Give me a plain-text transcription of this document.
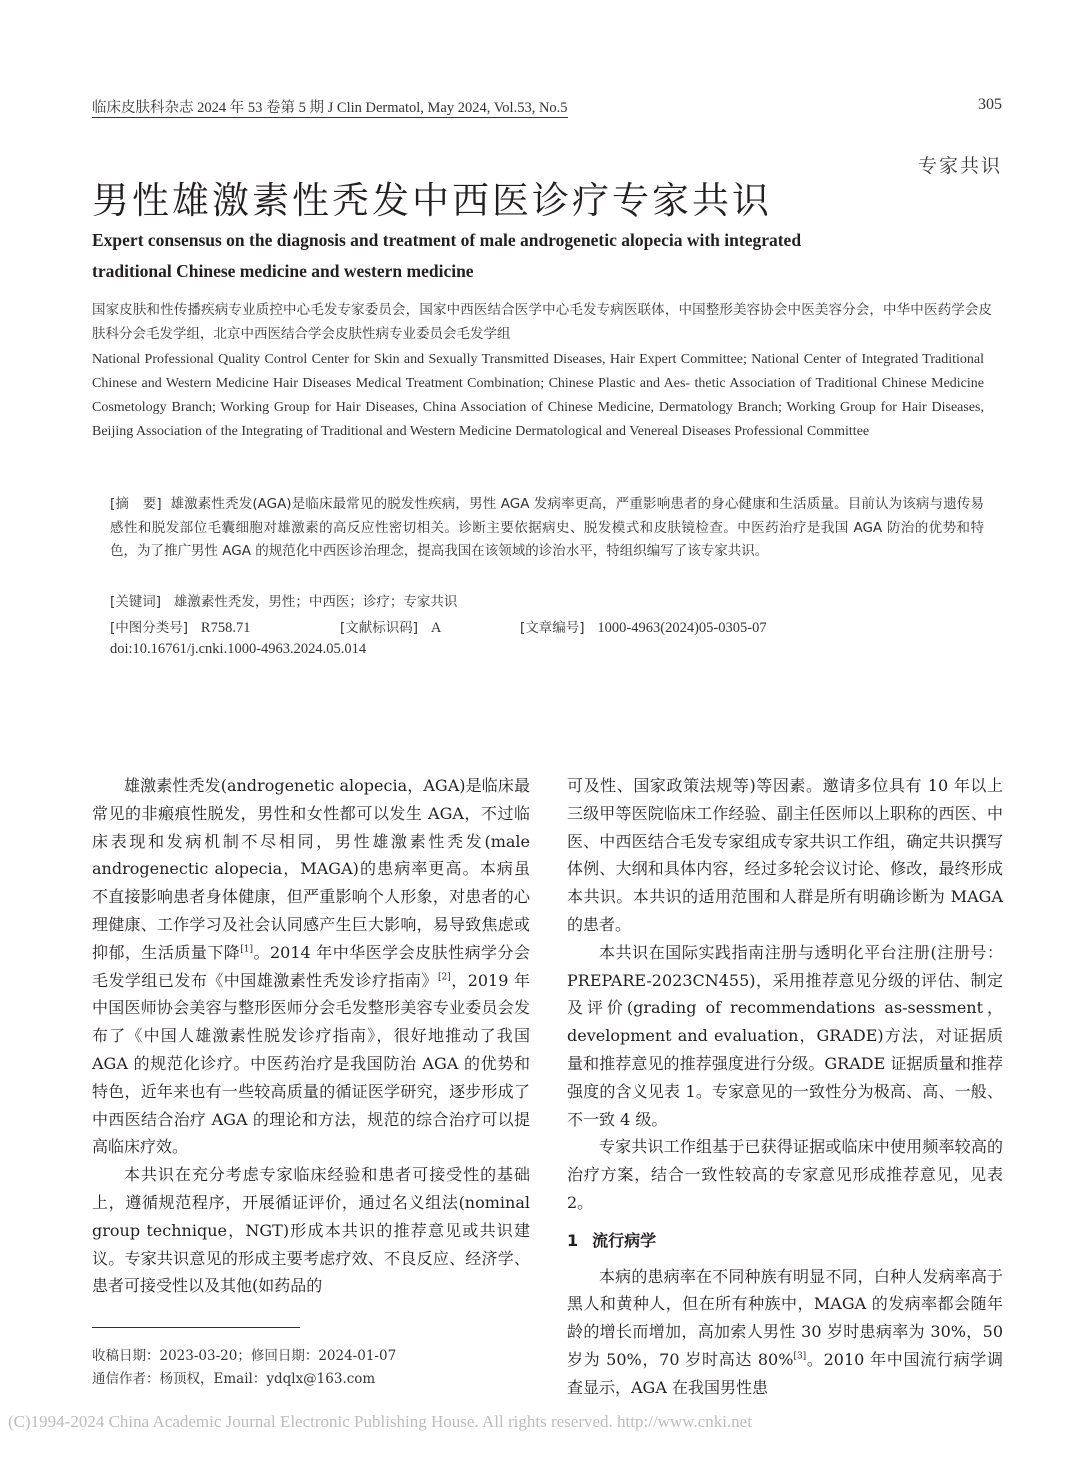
临床皮肤科杂志 2024 年 53 卷第 5 期 J Clin Dermatol, May 2024, Vol.53, No.5	305
专家共识
男性雄激素性秃发中西医诊疗专家共识
Expert consensus on the diagnosis and treatment of male androgenetic alopecia with integrated traditional Chinese medicine and western medicine
国家皮肤和性传播疾病专业质控中心毛发专家委员会，国家中西医结合医学中心毛发专病医联体，中国整形美容协会中医美容分会，中华中医药学会皮肤科分会毛发学组，北京中西医结合学会皮肤性病专业委员会毛发学组
National Professional Quality Control Center for Skin and Sexually Transmitted Diseases, Hair Expert Committee; National Center of Integrated Traditional Chinese and Western Medicine Hair Diseases Medical Treatment Combination; Chinese Plastic and Aes- thetic Association of Traditional Chinese Medicine Cosmetology Branch; Working Group for Hair Diseases, China Association of Chinese Medicine, Dermatology Branch; Working Group for Hair Diseases, Beijing Association of the Integrating of Traditional and Western Medicine Dermatological and Venereal Diseases Professional Committee
[摘　要] 雄激素性秃发(AGA)是临床最常见的脱发性疾病，男性 AGA 发病率更高，严重影响患者的身心健康和生活质量。目前认为该病与遗传易感性和脱发部位毛囊细胞对雄激素的高反应性密切相关。诊断主要依据病史、脱发模式和皮肤镜检查。中医药治疗是我国 AGA 防治的优势和特色，为了推广男性 AGA 的规范化中西医诊治理念，提高我国在该领域的诊治水平，特组织编写了该专家共识。
[关键词] 雄激素性秃发，男性；中西医；诊疗；专家共识
[中图分类号] R758.71	[文献标识码] A	[文章编号] 1000-4963(2024)05-0305-07
doi:10.16761/j.cnki.1000-4963.2024.05.014

雄激素性秃发(androgenetic alopecia，AGA)是临床最常见的非瘢痕性脱发，男性和女性都可以发生 AGA，不过临床表现和发病机制不尽相同，男性雄激素性秃发(male androgenectic alopecia，MAGA)的患病率更高。本病虽不直接影响患者身体健康，但严重影响个人形象，对患者的心理健康、工作学习及社会认同感产生巨大影响，易导致焦虑或抑郁，生活质量下降[1]。2014 年中华医学会皮肤性病学分会毛发学组已发布《中国雄激素性秃发诊疗指南》[2]，2019 年中国医师协会美容与整形医师分会毛发整形美容专业委员会发布了《中国人雄激素性脱发诊疗指南》，很好地推动了我国 AGA 的规范化诊疗。中医药治疗是我国防治 AGA 的优势和特色，近年来也有一些较高质量的循证医学研究，逐步形成了中西医结合治疗 AGA 的理论和方法，规范的综合治疗可以提高临床疗效。

本共识在充分考虑专家临床经验和患者可接受性的基础上，遵循规范程序，开展循证评价，通过名义组法(nominal group technique，NGT)形成本共识的推荐意见或共识建议。专家共识意见的形成主要考虑疗效、不良反应、经济学、患者可接受性以及其他(如药品的

可及性、国家政策法规等)等因素。邀请多位具有 10 年以上三级甲等医院临床工作经验、副主任医师以上职称的西医、中医、中西医结合毛发专家组成专家共识工作组，确定共识撰写体例、大纲和具体内容，经过多轮会议讨论、修改，最终形成本共识。本共识的适用范围和人群是所有明确诊断为 MAGA 的患者。

本共识在国际实践指南注册与透明化平台注册(注册号：PREPARE-2023CN455)，采用推荐意见分级的评估、制定及评价(grading of recommendations as-sessment，development and evaluation，GRADE)方法，对证据质量和推荐意见的推荐强度进行分级。GRADE 证据质量和推荐强度的含义见表 1。专家意见的一致性分为极高、高、一般、不一致 4 级。

专家共识工作组基于已获得证据或临床中使用频率较高的治疗方案，结合一致性较高的专家意见形成推荐意见，见表 2。

1 流行病学

本病的患病率在不同种族有明显不同，白种人发病率高于黑人和黄种人，但在所有种族中，MAGA 的发病率都会随年龄的增长而增加，高加索人男性 30 岁时患病率为 30%，50 岁为 50%，70 岁时高达 80%[3]。2010 年中国流行病学调查显示，AGA 在我国男性患

收稿日期：2023-03-20；修回日期：2024-01-07
通信作者：杨顶权，Email：ydqlx@163.com
(C)1994-2024 China Academic Journal Electronic Publishing House. All rights reserved. http://www.cnki.net
